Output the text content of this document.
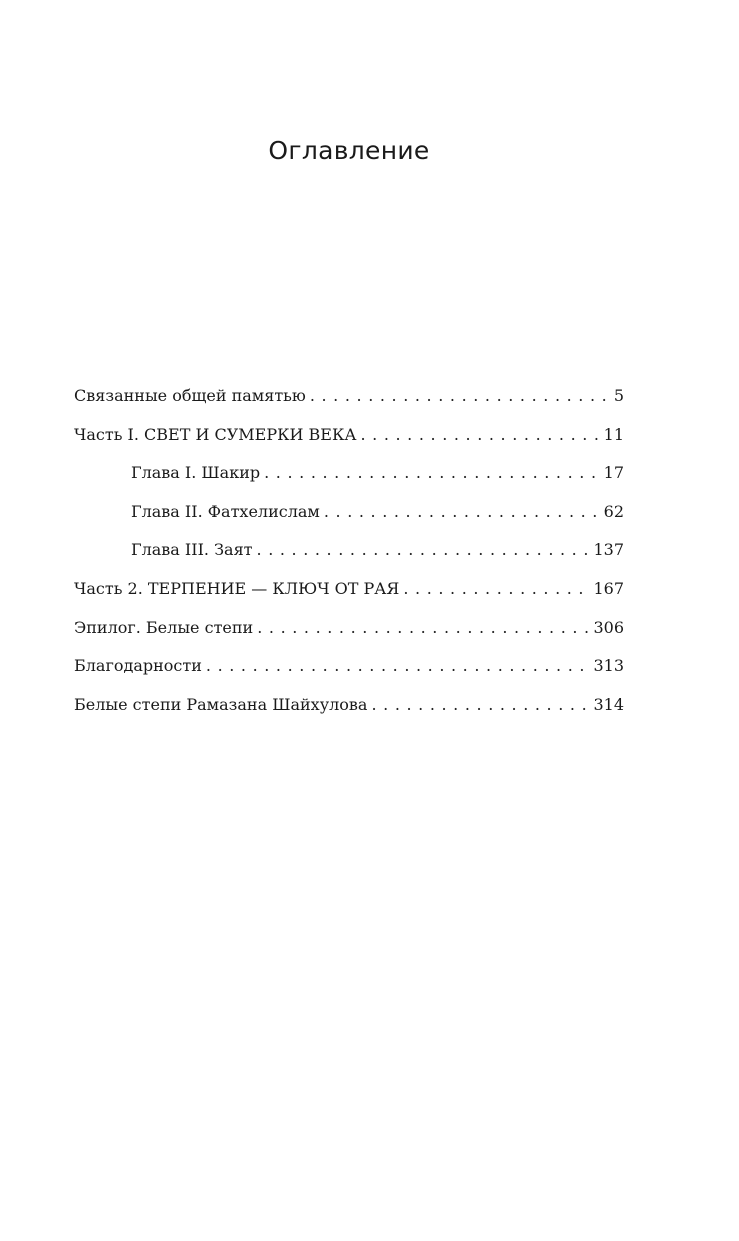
Оглавление
Связанные общей памятью . . .	5
Часть I. СВЕТ И СУМЕРКИ ВЕКА . . .	11
Глава I. Шакир . . .	17
Глава II. Фатхелислам . . .	62
Глава III. Заят . . .	137
Часть 2. ТЕРПЕНИЕ — КЛЮЧ ОТ РАЯ . . .	167
Эпилог. Белые степи . . .	306
Благодарности . . .	313
Белые степи Рамазана Шайхулова . . .	314
